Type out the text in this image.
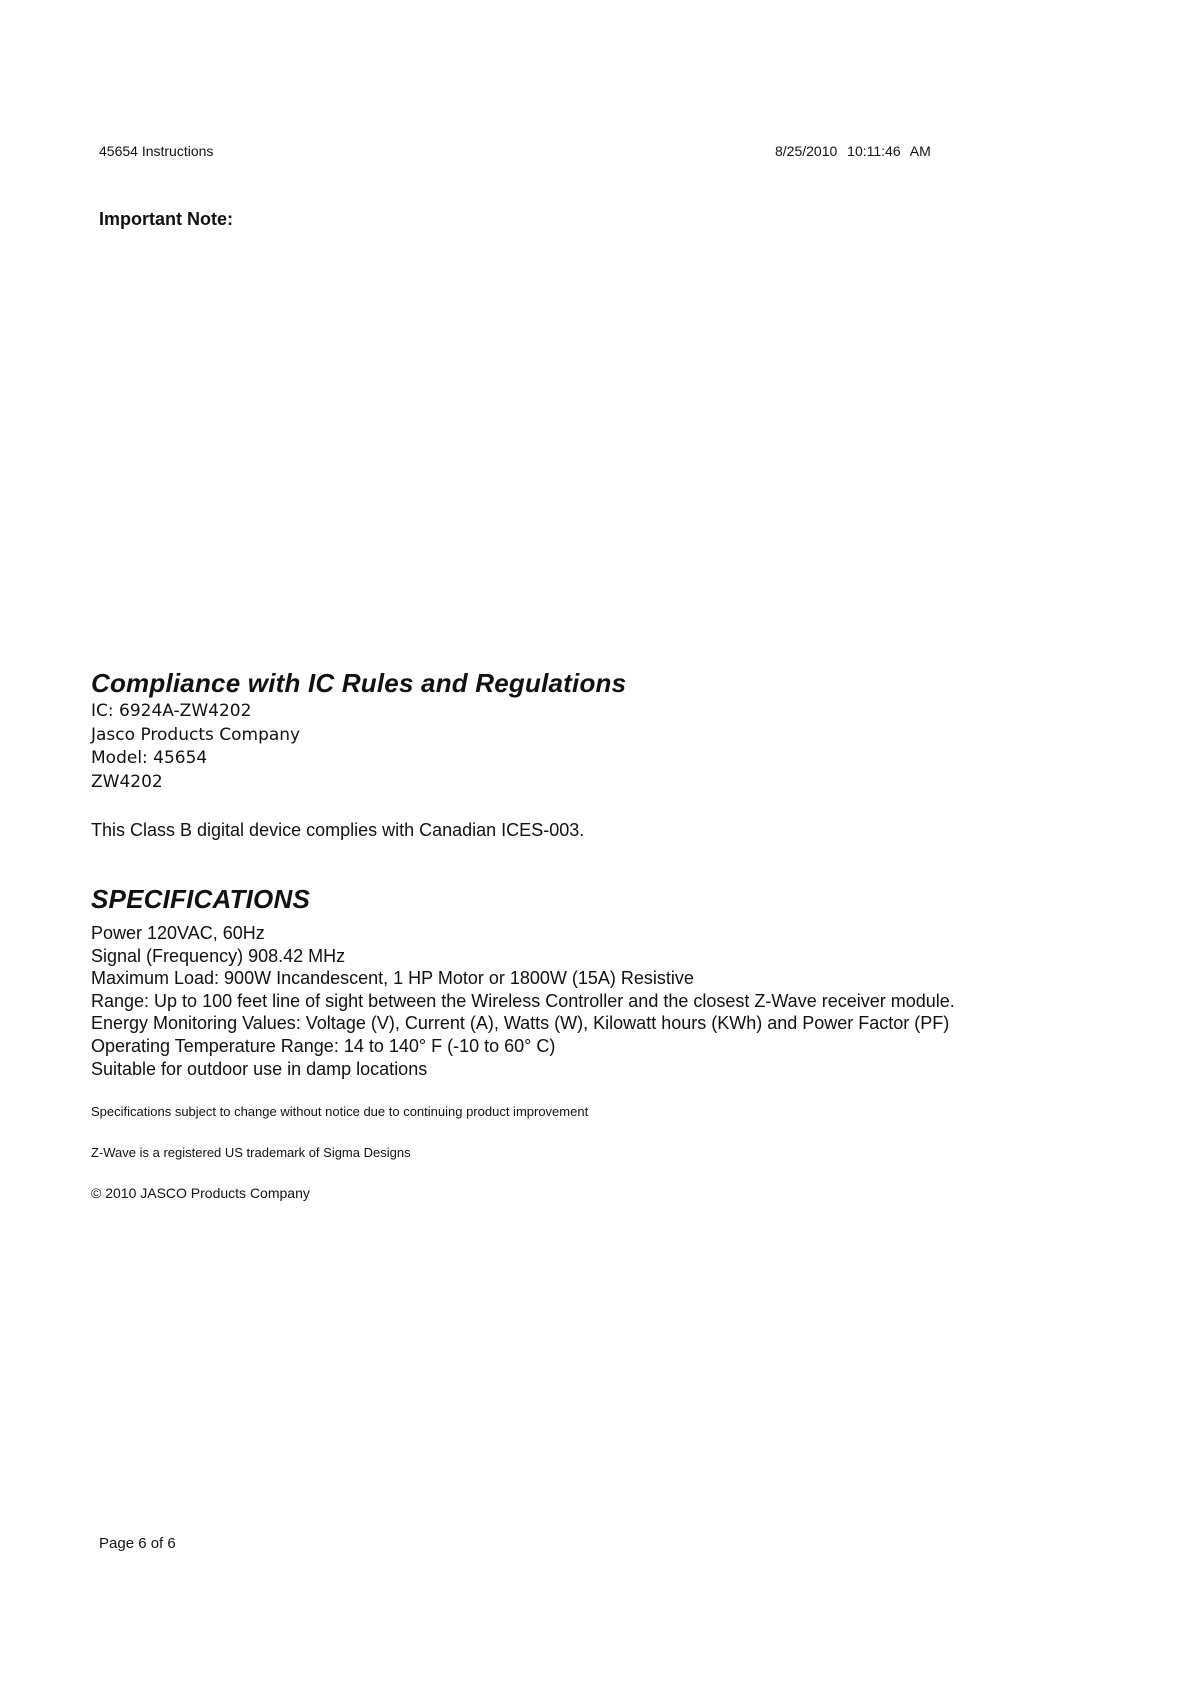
45654 Instructions	8/25/2010 10:11:46 AM
Important Note:
Compliance with IC Rules and Regulations
IC: 6924A-ZW4202
Jasco Products Company
Model: 45654
ZW4202
This Class B digital device complies with Canadian ICES-003.
SPECIFICATIONS
Power 120VAC, 60Hz
Signal (Frequency) 908.42 MHz
Maximum Load: 900W Incandescent, 1 HP Motor or 1800W (15A) Resistive
Range: Up to 100 feet line of sight between the Wireless Controller and the closest Z-Wave receiver module.
Energy Monitoring Values: Voltage (V), Current (A), Watts (W), Kilowatt hours (KWh) and Power Factor (PF)
Operating Temperature Range: 14 to 140° F (-10 to 60° C)
Suitable for outdoor use in damp locations
Specifications subject to change without notice due to continuing product improvement
Z-Wave is a registered US trademark of Sigma Designs
© 2010 JASCO Products Company
Page 6 of 6
